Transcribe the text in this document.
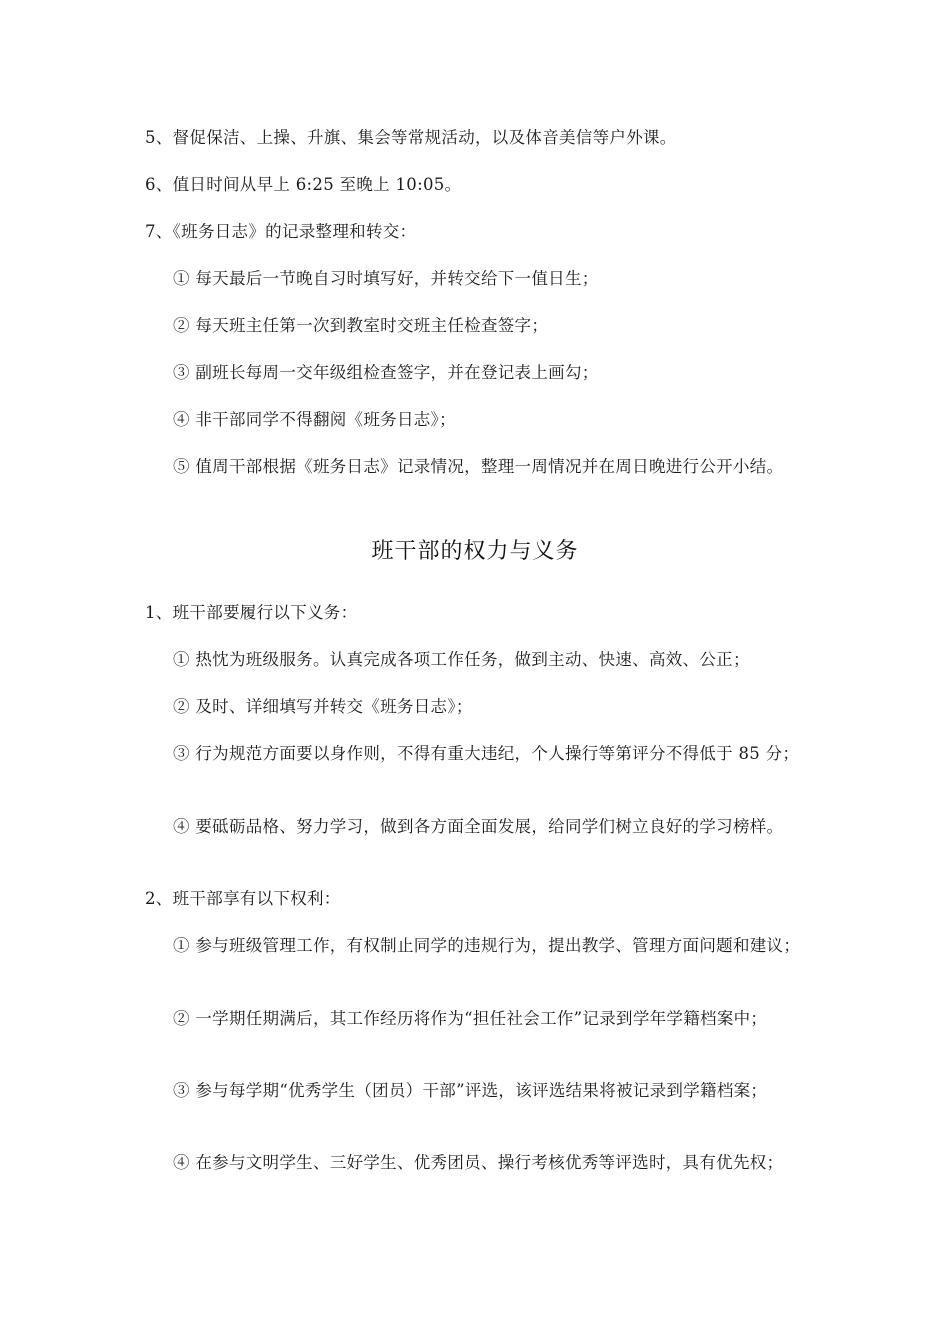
5、督促保洁、上操、升旗、集会等常规活动，以及体音美信等户外课。
6、值日时间从早上 6:25 至晚上 10:05。
7、《班务日志》的记录整理和转交：
① 每天最后一节晚自习时填写好，并转交给下一值日生；
② 每天班主任第一次到教室时交班主任检查签字；
③ 副班长每周一交年级组检查签字，并在登记表上画勾；
④ 非干部同学不得翻阅《班务日志》；
⑤ 值周干部根据《班务日志》记录情况，整理一周情况并在周日晚进行公开小结。
班干部的权力与义务
1、班干部要履行以下义务：
① 热忱为班级服务。认真完成各项工作任务，做到主动、快速、高效、公正；
② 及时、详细填写并转交《班务日志》；
③ 行为规范方面要以身作则，不得有重大违纪，个人操行等第评分不得低于 85 分；
④ 要砥砺品格、努力学习，做到各方面全面发展，给同学们树立良好的学习榜样。
2、班干部享有以下权利：
① 参与班级管理工作，有权制止同学的违规行为，提出教学、管理方面问题和建议；
② 一学期任期满后，其工作经历将作为“担任社会工作”记录到学年学籍档案中；
③ 参与每学期“优秀学生（团员）干部”评选，该评选结果将被记录到学籍档案；
④ 在参与文明学生、三好学生、优秀团员、操行考核优秀等评选时，具有优先权；
